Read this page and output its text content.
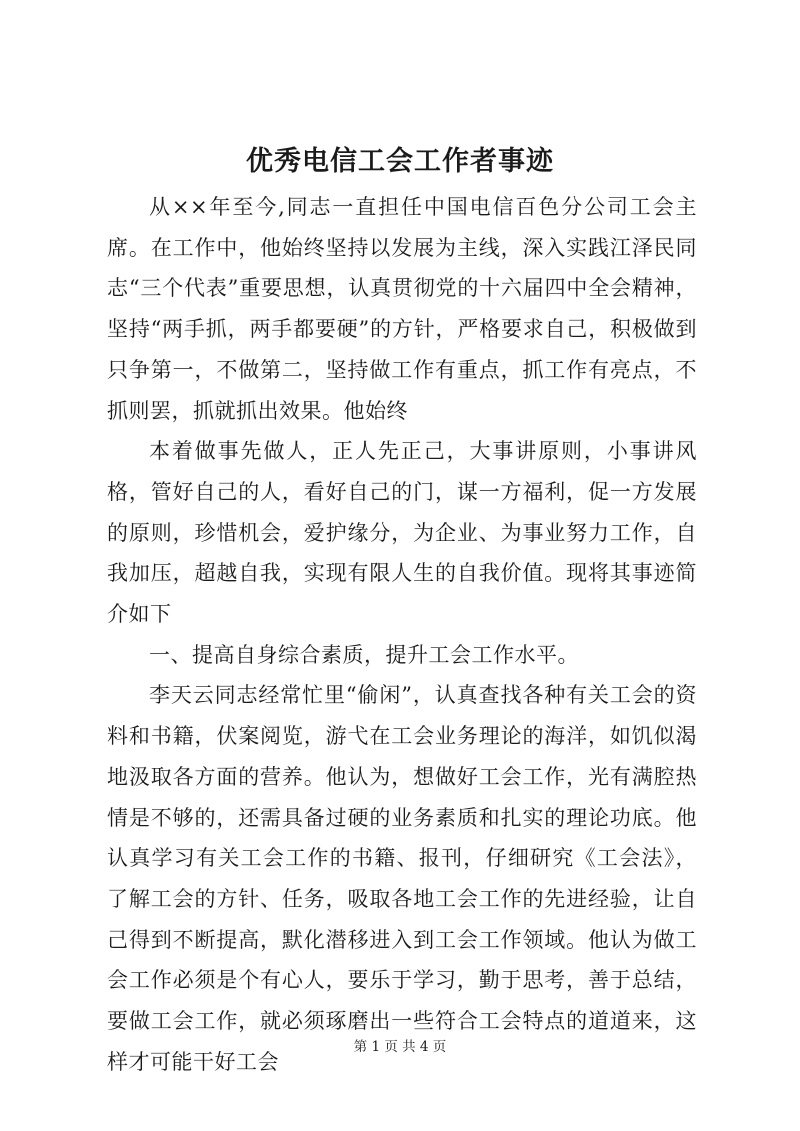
优秀电信工会工作者事迹

从××年至今,同志一直担任中国电信百色分公司工会主席。在工作中，他始终坚持以发展为主线，深入实践江泽民同志“三个代表”重要思想，认真贯彻党的十六届四中全会精神，坚持“两手抓，两手都要硬”的方针，严格要求自己，积极做到只争第一，不做第二，坚持做工作有重点，抓工作有亮点，不抓则罢，抓就抓出效果。他始终

本着做事先做人，正人先正己，大事讲原则，小事讲风格，管好自己的人，看好自己的门，谋一方福利，促一方发展的原则，珍惜机会，爱护缘分，为企业、为事业努力工作，自我加压，超越自我，实现有限人生的自我价值。现将其事迹简介如下

一、提高自身综合素质，提升工会工作水平。

李天云同志经常忙里“偷闲”，认真查找各种有关工会的资料和书籍，伏案阅览，游弋在工会业务理论的海洋，如饥似渴地汲取各方面的营养。他认为，想做好工会工作，光有满腔热情是不够的，还需具备过硬的业务素质和扎实的理论功底。他认真学习有关工会工作的书籍、报刊，仔细研究《工会法》，了解工会的方针、任务，吸取各地工会工作的先进经验，让自己得到不断提高，默化潜移进入到工会工作领域。他认为做工会工作必须是个有心人，要乐于学习，勤于思考，善于总结，要做工会工作，就必须琢磨出一些符合工会特点的道道来，这样才可能干好工会

第 1 页 共 4 页
